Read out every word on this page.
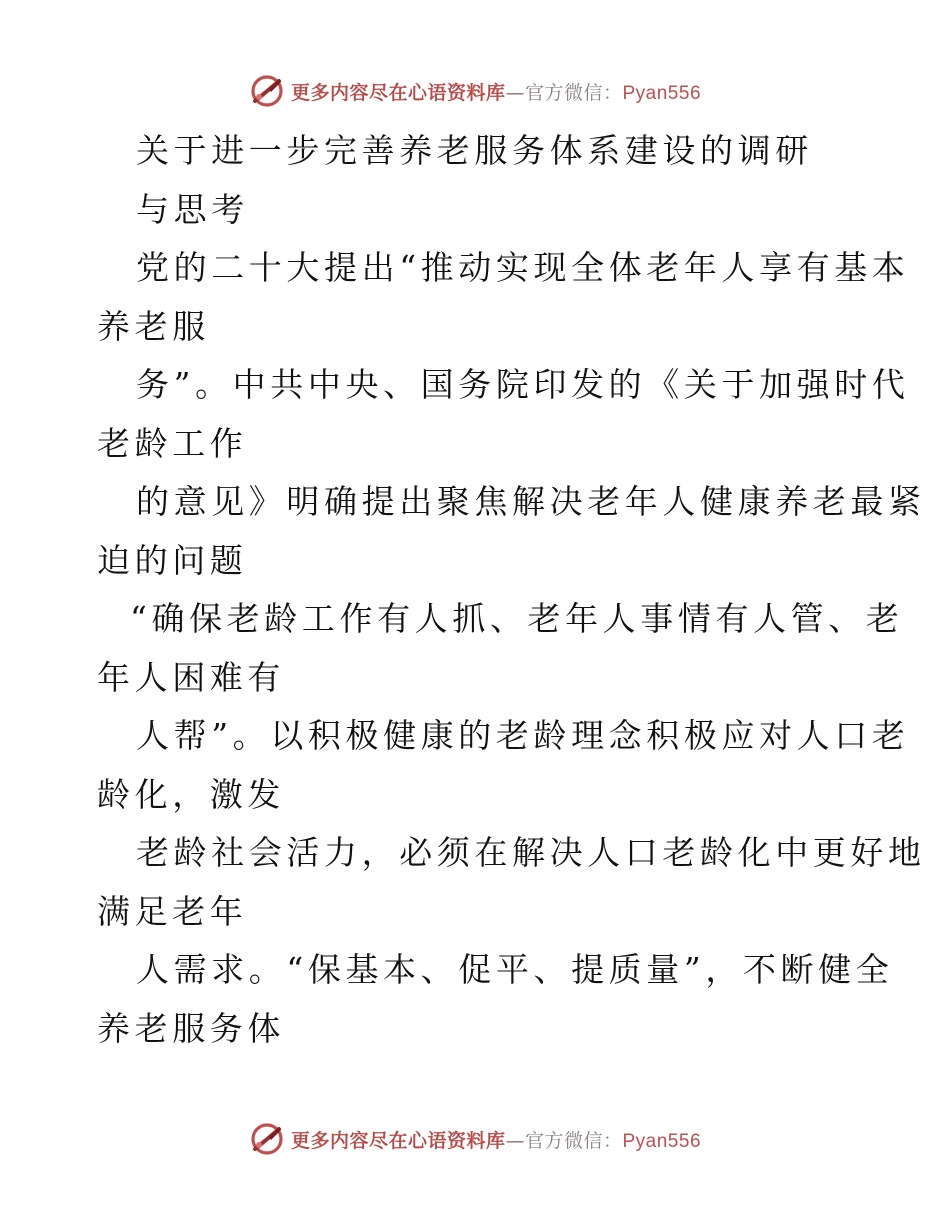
更多内容尽在心语资料库—官方微信：Pyan556
关于进一步完善养老服务体系建设的调研
与思考
党的二十大提出“推动实现全体老年人享有基本
养老服
务”。中共中央、国务院印发的《关于加强时代
老龄工作
的意见》明确提出聚焦解决老年人健康养老最紧
迫的问题
“确保老龄工作有人抓、老年人事情有人管、老
年人困难有
人帮”。以积极健康的老龄理念积极应对人口老
龄化，激发
老龄社会活力，必须在解决人口老龄化中更好地
满足老年
人需求。“保基本、促平、提质量”，不断健全
养老服务体
更多内容尽在心语资料库—官方微信：Pyan556
